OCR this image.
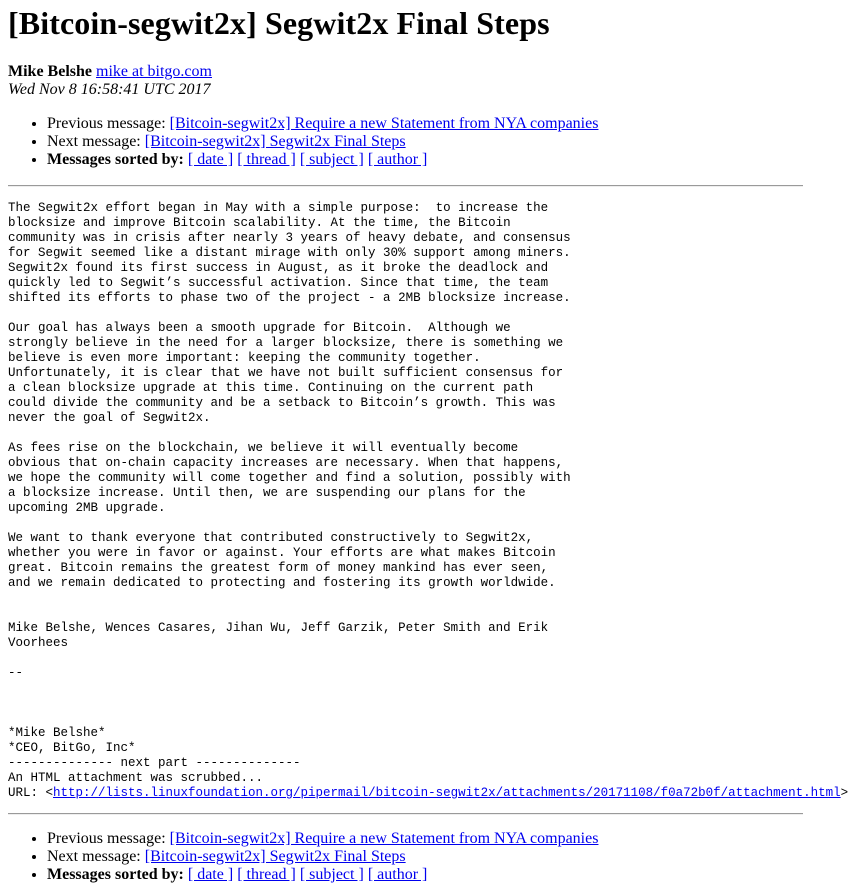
[Bitcoin-segwit2x] Segwit2x Final Steps
Mike Belshe mike at bitgo.com
Wed Nov 8 16:58:41 UTC 2017
• Previous message: [Bitcoin-segwit2x] Require a new Statement from NYA companies
• Next message: [Bitcoin-segwit2x] Segwit2x Final Steps
• Messages sorted by: [ date ] [ thread ] [ subject ] [ author ]
The Segwit2x effort began in May with a simple purpose:  to increase the
blocksize and improve Bitcoin scalability. At the time, the Bitcoin
community was in crisis after nearly 3 years of heavy debate, and consensus
for Segwit seemed like a distant mirage with only 30% support among miners.
Segwit2x found its first success in August, as it broke the deadlock and
quickly led to Segwit’s successful activation. Since that time, the team
shifted its efforts to phase two of the project - a 2MB blocksize increase.
Our goal has always been a smooth upgrade for Bitcoin.  Although we
strongly believe in the need for a larger blocksize, there is something we
believe is even more important: keeping the community together.
Unfortunately, it is clear that we have not built sufficient consensus for
a clean blocksize upgrade at this time. Continuing on the current path
could divide the community and be a setback to Bitcoin’s growth. This was
never the goal of Segwit2x.
As fees rise on the blockchain, we believe it will eventually become
obvious that on-chain capacity increases are necessary. When that happens,
we hope the community will come together and find a solution, possibly with
a blocksize increase. Until then, we are suspending our plans for the
upcoming 2MB upgrade.
We want to thank everyone that contributed constructively to Segwit2x,
whether you were in favor or against. Your efforts are what makes Bitcoin
great. Bitcoin remains the greatest form of money mankind has ever seen,
and we remain dedicated to protecting and fostering its growth worldwide.
Mike Belshe, Wences Casares, Jihan Wu, Jeff Garzik, Peter Smith and Erik
Voorhees
--
*Mike Belshe*
*CEO, BitGo, Inc*
-------------- next part --------------
An HTML attachment was scrubbed...
URL: <http://lists.linuxfoundation.org/pipermail/bitcoin-segwit2x/attachments/20171108/f0a72b0f/attachment.html>
• Previous message: [Bitcoin-segwit2x] Require a new Statement from NYA companies
• Next message: [Bitcoin-segwit2x] Segwit2x Final Steps
• Messages sorted by: [ date ] [ thread ] [ subject ] [ author ]
